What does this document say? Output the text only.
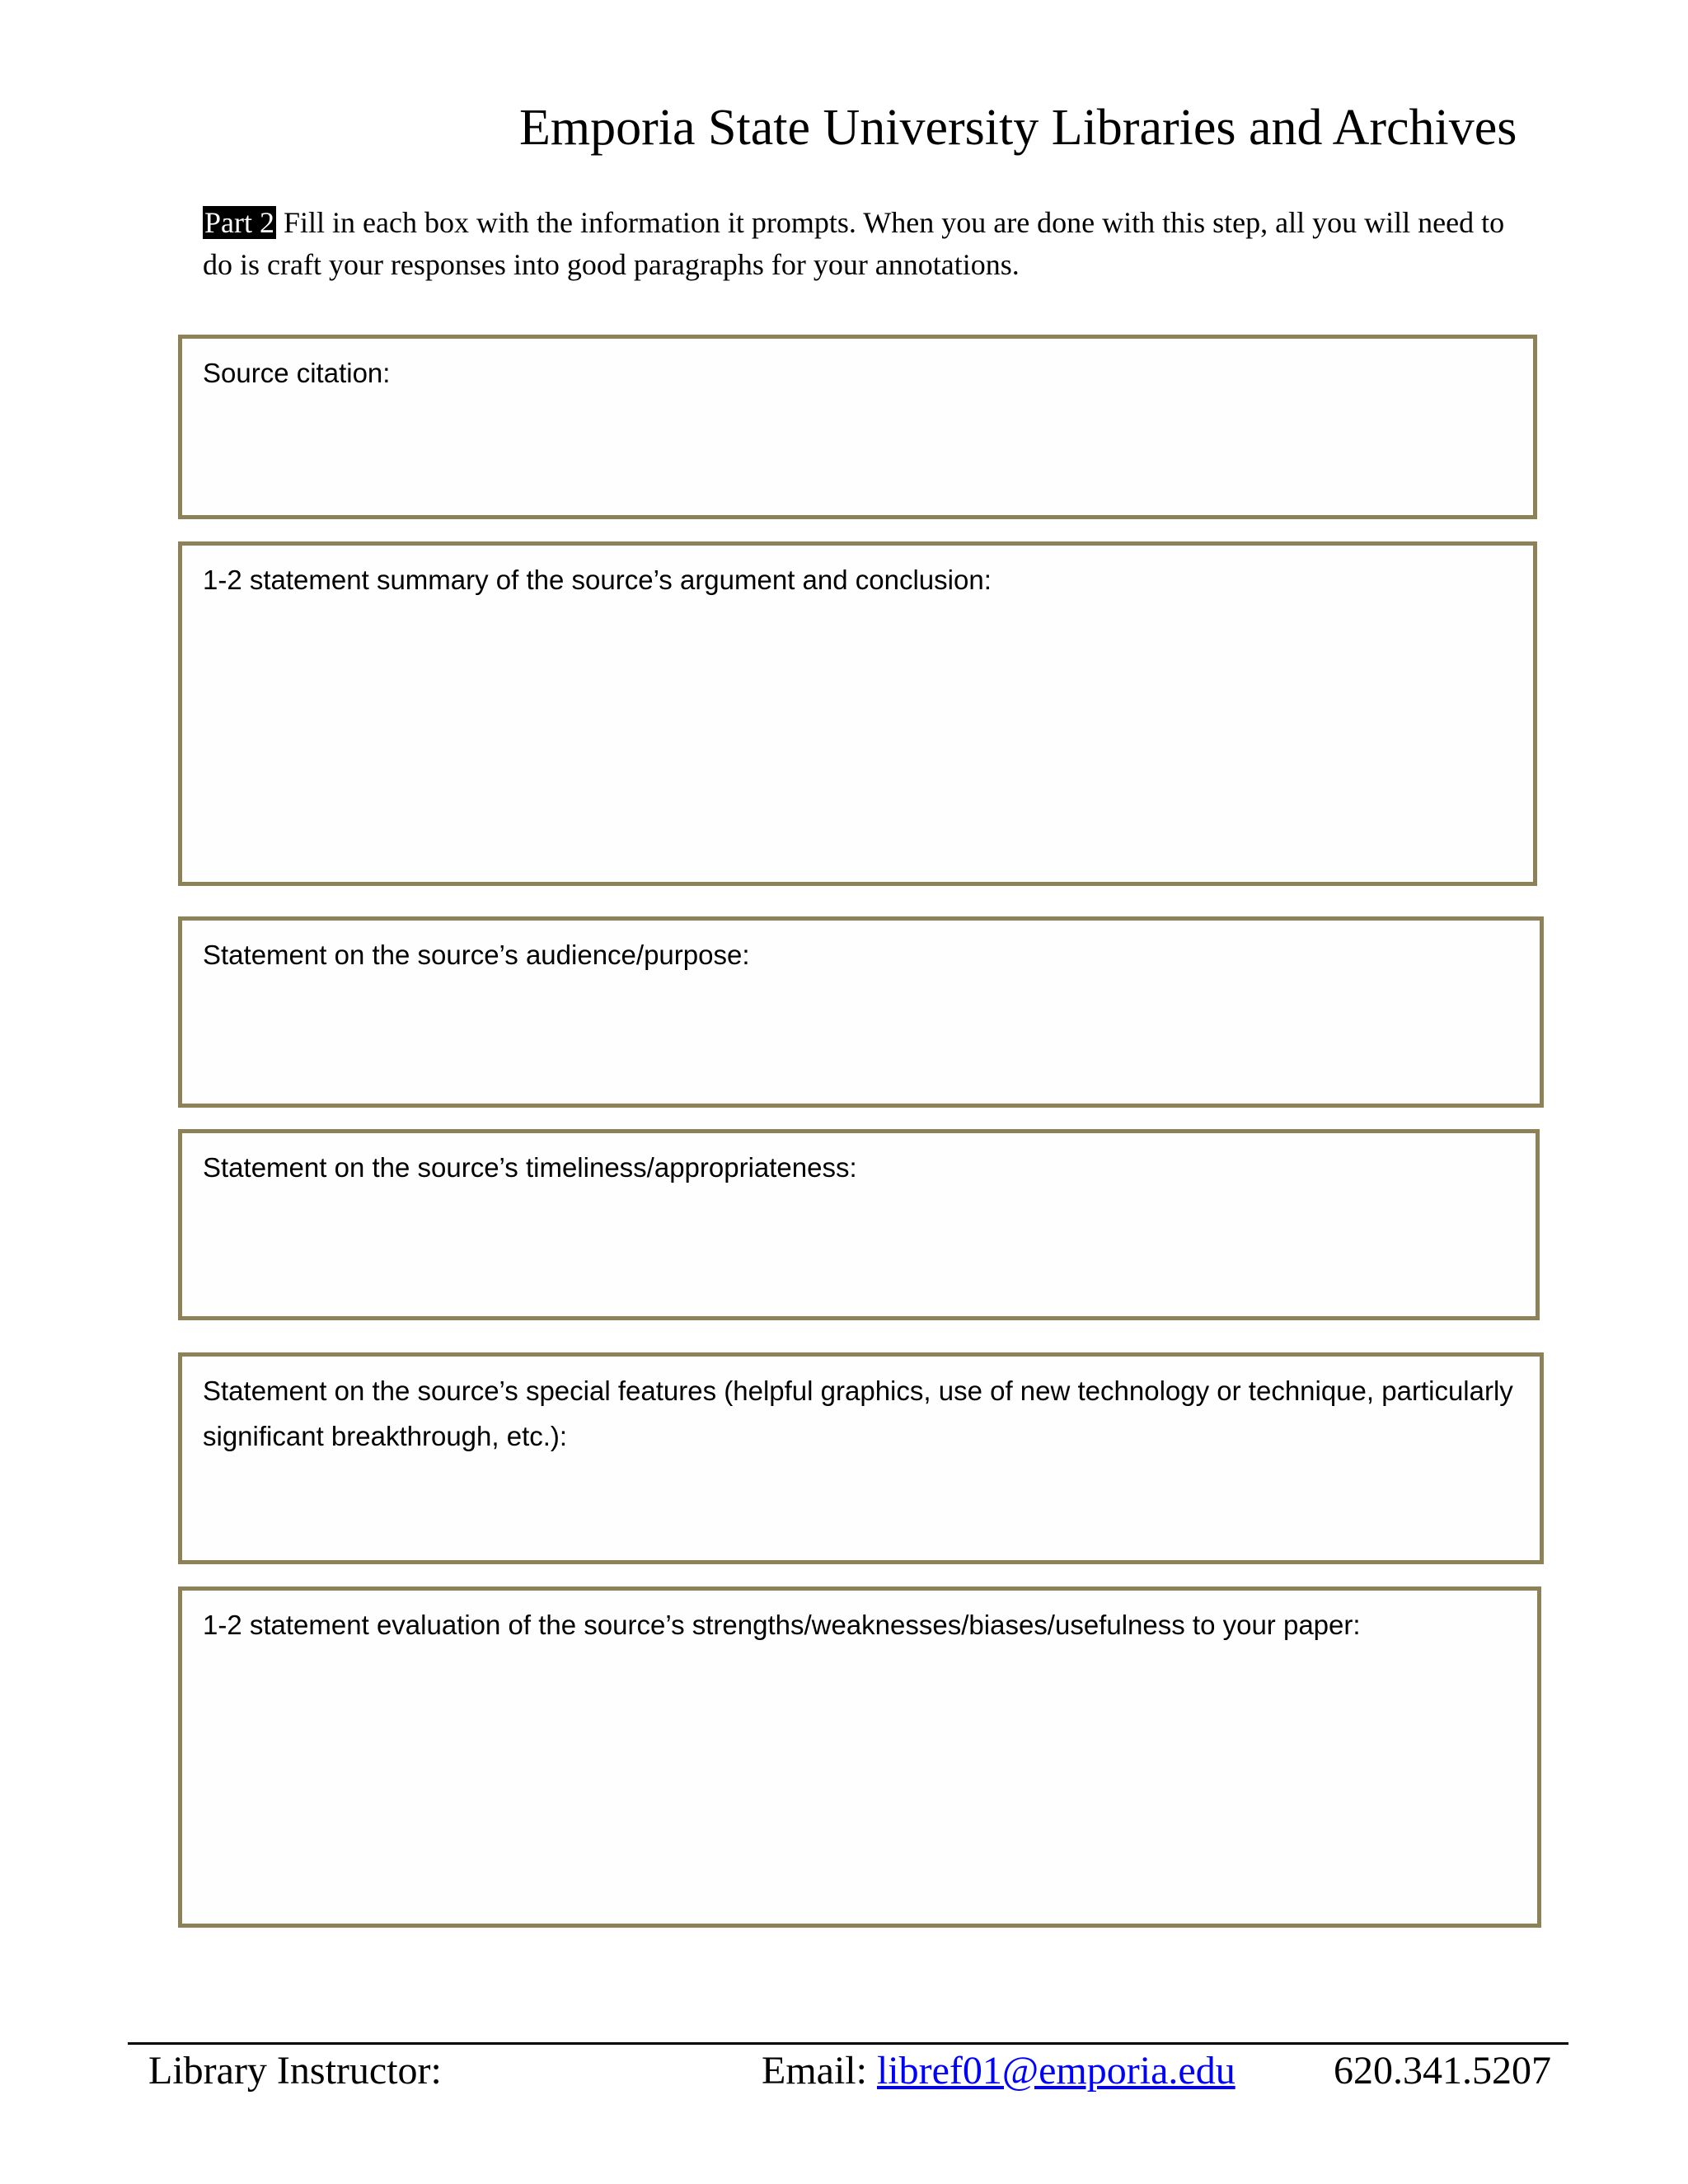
Emporia State University Libraries and Archives
Part 2 Fill in each box with the information it prompts. When you are done with this step, all you will need to do is craft your responses into good paragraphs for your annotations.
Source citation:
1-2 statement summary of the source’s argument and conclusion:
Statement on the source’s audience/purpose:
Statement on the source’s timeliness/appropriateness:
Statement on the source’s special features (helpful graphics, use of new technology or technique, particularly significant breakthrough, etc.):
1-2 statement evaluation of the source’s strengths/weaknesses/biases/usefulness to your paper:
Library Instructor:	Email: libref01@emporia.edu 620.341.5207
